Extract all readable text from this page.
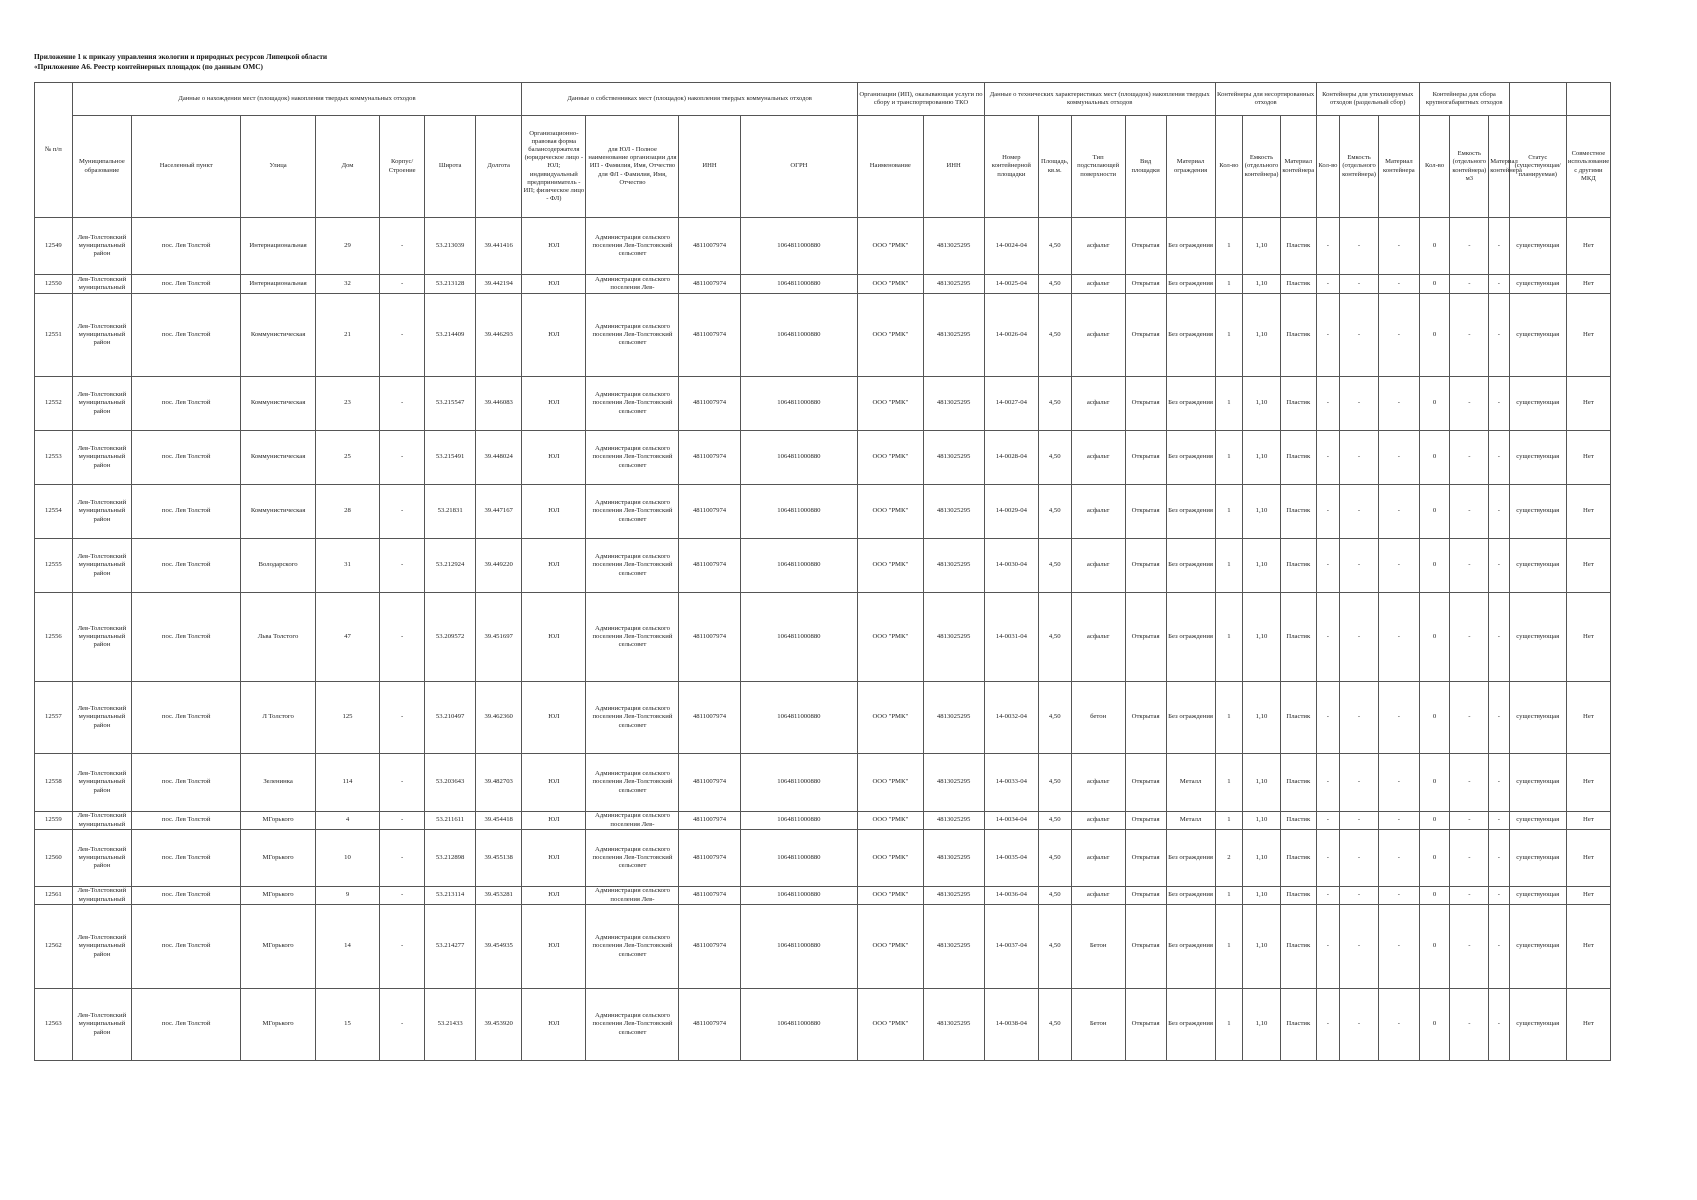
Приложение 1 к приказу управления экологии и природных ресурсов Липецкой области
«Приложение А6. Реестр контейнерных площадок (по данным ОМС)
№ п/п	Данные о нахождении мест (площадок) накопления твердых коммунальных отходов							Данные о собственниках мест (площадок) накопления твердых коммунальных отходов				Организации (ИП), оказывающая услуги по сбору и транспортированию ТКО		Данные о технических характеристиках мест (площадок) накопления твердых коммунальных отходов					Контейнеры для несортированных отходов			Контейнеры для утилизируемых отходов (раздельный сбор)			Контейнеры для сбора крупногабаритных отходов				
	Муниципальное образование	Населенный пункт	Улица	Дом	Корпус/Строение	Широта	Долгота	Организационно-правовая форма балансодержателя (юридическое лицо - ЮЛ; индивидуальный предприниматель - ИП; физическое лицо - ФЛ)	для ЮЛ - Полное наименование организации для ИП - Фамилия, Имя, Отчество для ФЛ - Фамилия, Имя, Отчество	ИНН	ОГРН	Наименование	ИНН	Номер контейнерной площадки	Площадь, кв.м.	Тип подстилающей поверхности	Вид площадки	Материал ограждения	Кол-во	Емкость (отдельного контейнера)	Материал контейнера	Кол-во	Емкость (отдельного контейнера)	Материал контейнера	Кол-во	Емкость (отдельного контейнера) м3	Материал контейнера	Статус (существующая/ планируемая)	Совместное использование с другими МКД
12549	Лев-Толстовский муниципальный район	пос. Лев Толстой	Интернациональная	29	-	53.213039	39.441416	ЮЛ	Администрация сельского поселения Лев-Толстовский сельсовет	4811007974	1064811000880	ООО "РМК"	4813025295	14-0024-04	4,50	асфальт	Открытая	Без ограждения	1	1,10	Пластик	-	-	-	0	-	-	существующая	Нет
12550	Лев-Толстовский муниципальный	пос. Лев Толстой	Интернациональная	32	-	53.213128	39.442194	ЮЛ	Администрация сельского поселения Лев-	4811007974	1064811000880	ООО "РМК"	4813025295	14-0025-04	4,50	асфальт	Открытая	Без ограждения	1	1,10	Пластик	-	-	-	0	-	-	существующая	Нет
12551	Лев-Толстовский муниципальный район	пос. Лев Толстой	Коммунистическая	21	-	53.214409	39.446293	ЮЛ	Администрация сельского поселения Лев-Толстовский сельсовет	4811007974	1064811000880	ООО "РМК"	4813025295	14-0026-04	4,50	асфальт	Открытая	Без ограждения	1	1,10	Пластик	-	-	-	0	-	-	существующая	Нет
12552	Лев-Толстовский муниципальный район	пос. Лев Толстой	Коммунистическая	23	-	53.215547	39.446083	ЮЛ	Администрация сельского поселения Лев-Толстовский сельсовет	4811007974	1064811000880	ООО "РМК"	4813025295	14-0027-04	4,50	асфальт	Открытая	Без ограждения	1	1,10	Пластик	-	-	-	0	-	-	существующая	Нет
12553	Лев-Толстовский муниципальный район	пос. Лев Толстой	Коммунистическая	25	-	53.215491	39.448024	ЮЛ	Администрация сельского поселения Лев-Толстовский сельсовет	4811007974	1064811000880	ООО "РМК"	4813025295	14-0028-04	4,50	асфальт	Открытая	Без ограждения	1	1,10	Пластик	-	-	-	0	-	-	существующая	Нет
12554	Лев-Толстовский муниципальный район	пос. Лев Толстой	Коммунистическая	28	-	53.21831	39.447167	ЮЛ	Администрация сельского поселения Лев-Толстовский сельсовет	4811007974	1064811000880	ООО "РМК"	4813025295	14-0029-04	4,50	асфальт	Открытая	Без ограждения	1	1,10	Пластик	-	-	-	0	-	-	существующая	Нет
12555	Лев-Толстовский муниципальный район	пос. Лев Толстой	Володарского	31	-	53.212924	39.449220	ЮЛ	Администрация сельского поселения Лев-Толстовский сельсовет	4811007974	1064811000880	ООО "РМК"	4813025295	14-0030-04	4,50	асфальт	Открытая	Без ограждения	1	1,10	Пластик	-	-	-	0	-	-	существующая	Нет
12556	Лев-Толстовский муниципальный район	пос. Лев Толстой	Льва Толстого	47	-	53.209572	39.451697	ЮЛ	Администрация сельского поселения Лев-Толстовский сельсовет	4811007974	1064811000880	ООО "РМК"	4813025295	14-0031-04	4,50	асфальт	Открытая	Без ограждения	1	1,10	Пластик	-	-	-	0	-	-	существующая	Нет
12557	Лев-Толстовский муниципальный район	пос. Лев Толстой	Л Толстого	125	-	53.210497	39.462360	ЮЛ	Администрация сельского поселения Лев-Толстовский сельсовет	4811007974	1064811000880	ООО "РМК"	4813025295	14-0032-04	4,50	бетон	Открытая	Без ограждения	1	1,10	Пластик	-	-	-	0	-	-	существующая	Нет
12558	Лев-Толстовский муниципальный район	пос. Лев Толстой	Зеленинка	114	-	53.203643	39.482703	ЮЛ	Администрация сельского поселения Лев-Толстовский сельсовет	4811007974	1064811000880	ООО "РМК"	4813025295	14-0033-04	4,50	асфальт	Открытая	Металл	1	1,10	Пластик	-	-	-	0	-	-	существующая	Нет
12559	Лев-Толстовский муниципальный	пос. Лев Толстой	МГорького	4	-	53.211611	39.454418	ЮЛ	Администрация сельского поселения Лев-	4811007974	1064811000880	ООО "РМК"	4813025295	14-0034-04	4,50	асфальт	Открытая	Металл	1	1,10	Пластик	-	-	-	0	-	-	существующая	Нет
12560	Лев-Толстовский муниципальный район	пос. Лев Толстой	МГорького	10	-	53.212898	39.455138	ЮЛ	Администрация сельского поселения Лев-Толстовский сельсовет	4811007974	1064811000880	ООО "РМК"	4813025295	14-0035-04	4,50	асфальт	Открытая	Без ограждения	2	1,10	Пластик	-	-	-	0	-	-	существующая	Нет
12561	Лев-Толстовский муниципальный	пос. Лев Толстой	МГорького	9	-	53.213114	39.453281	ЮЛ	Администрация сельского поселения Лев-	4811007974	1064811000880	ООО "РМК"	4813025295	14-0036-04	4,50	асфальт	Открытая	Без ограждения	1	1,10	Пластик	-	-	-	0	-	-	существующая	Нет
12562	Лев-Толстовский муниципальный район	пос. Лев Толстой	МГорького	14	-	53.214277	39.454935	ЮЛ	Администрация сельского поселения Лев-Толстовский сельсовет	4811007974	1064811000880	ООО "РМК"	4813025295	14-0037-04	4,50	Бетон	Открытая	Без ограждения	1	1,10	Пластик	-	-	-	0	-	-	существующая	Нет
12563	Лев-Толстовский муниципальный район	пос. Лев Толстой	МГорького	15	-	53.21433	39.453920	ЮЛ	Администрация сельского поселения Лев-Толстовский сельсовет	4811007974	1064811000880	ООО "РМК"	4813025295	14-0038-04	4,50	Бетон	Открытая	Без ограждения	1	1,10	Пластик	-	-	-	0	-	-	существующая	Нет
